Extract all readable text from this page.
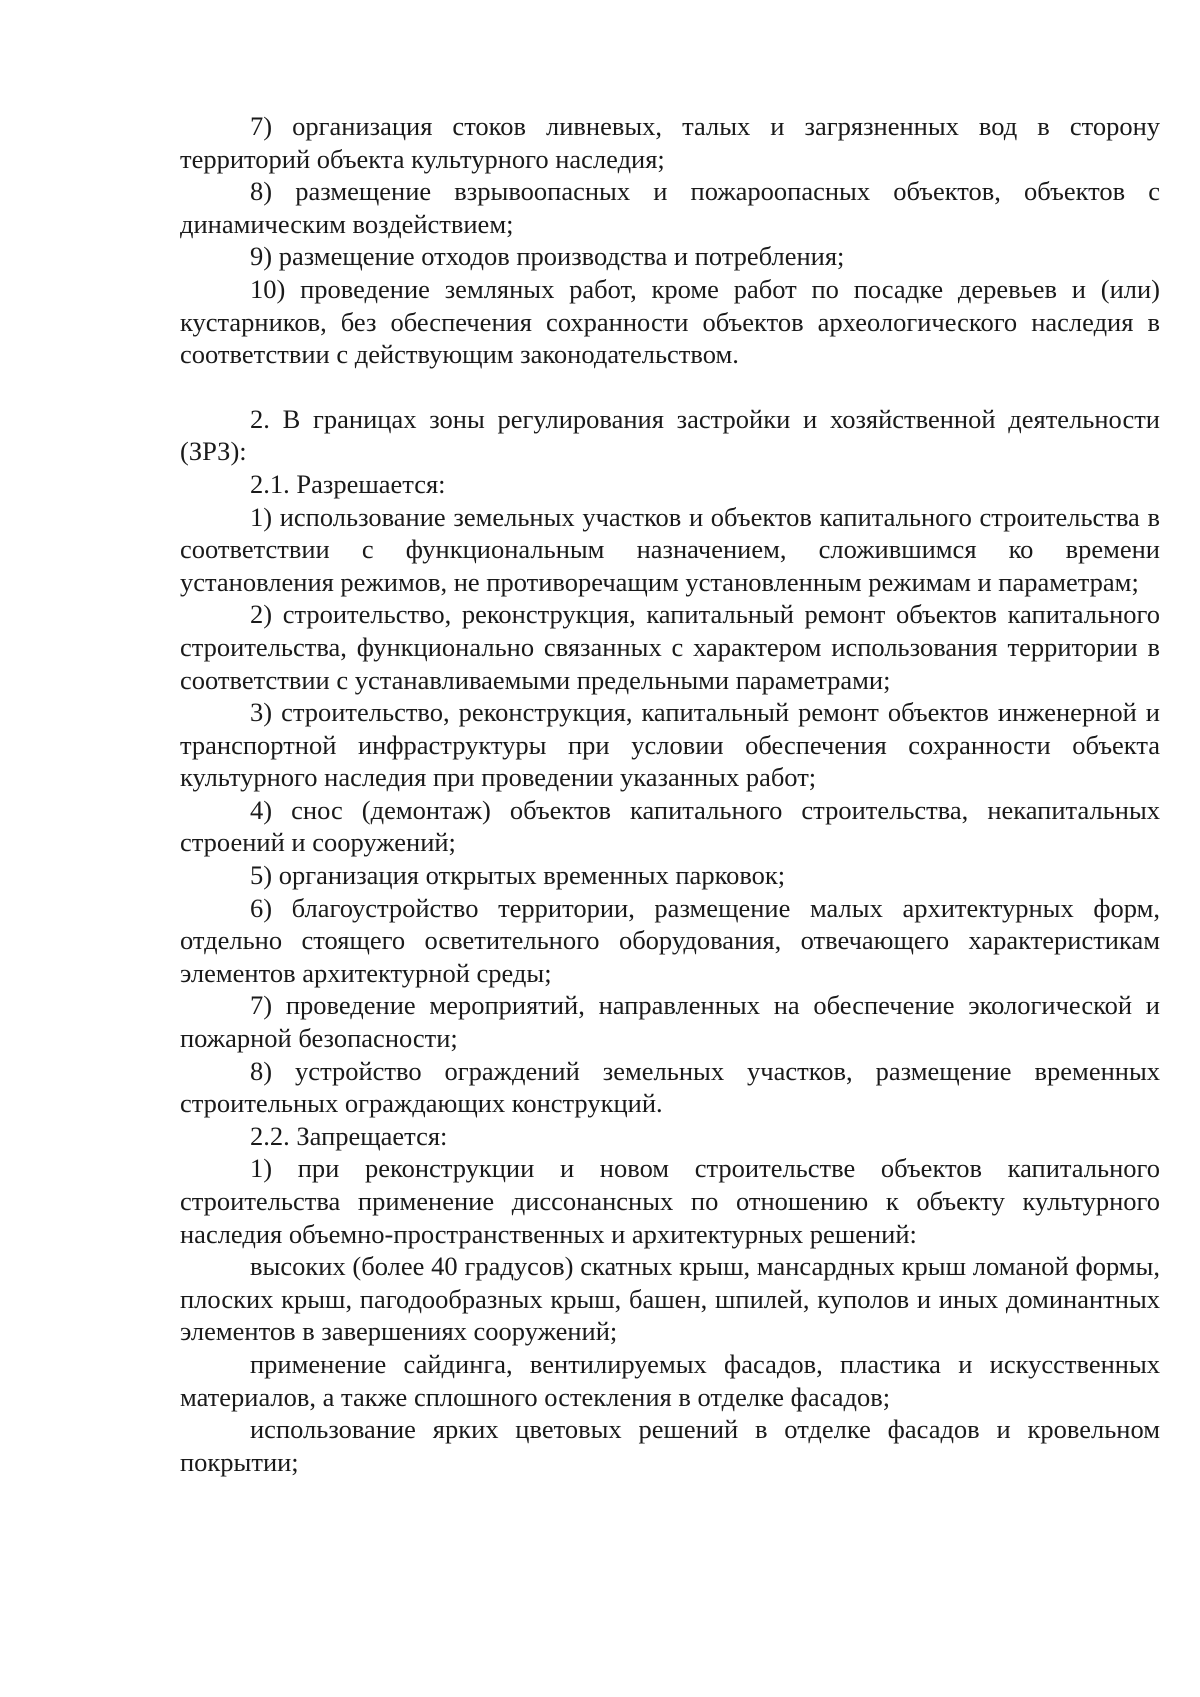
7) организация стоков ливневых, талых и загрязненных вод в сторону территорий объекта культурного наследия;

8) размещение взрывоопасных и пожароопасных объектов, объектов с динамическим воздействием;

9) размещение отходов производства и потребления;

10) проведение земляных работ, кроме работ по посадке деревьев и (или) кустарников, без обеспечения сохранности объектов археологического наследия в соответствии с действующим законодательством.

2. В границах зоны регулирования застройки и хозяйственной деятельности (ЗРЗ):

2.1. Разрешается:

1) использование земельных участков и объектов капитального строительства в соответствии с функциональным назначением, сложившимся ко времени установления режимов, не противоречащим установленным режимам и параметрам;

2) строительство, реконструкция, капитальный ремонт объектов капитального строительства, функционально связанных с характером использования территории в соответствии с устанавливаемыми предельными параметрами;

3) строительство, реконструкция, капитальный ремонт объектов инженерной и транспортной инфраструктуры при условии обеспечения сохранности объекта культурного наследия при проведении указанных работ;

4) снос (демонтаж) объектов капитального строительства, некапитальных строений и сооружений;

5) организация открытых временных парковок;

6) благоустройство территории, размещение малых архитектурных форм, отдельно стоящего осветительного оборудования, отвечающего характеристикам элементов архитектурной среды;

7) проведение мероприятий, направленных на обеспечение экологической и пожарной безопасности;

8) устройство ограждений земельных участков, размещение временных строительных ограждающих конструкций.

2.2. Запрещается:

1) при реконструкции и новом строительстве объектов капитального строительства применение диссонансных по отношению к объекту культурного наследия объемно-пространственных и архитектурных решений:

высоких (более 40 градусов) скатных крыш, мансардных крыш ломаной формы, плоских крыш, пагодообразных крыш, башен, шпилей, куполов и иных доминантных элементов в завершениях сооружений;

применение сайдинга, вентилируемых фасадов, пластика и искусственных материалов, а также сплошного остекления в отделке фасадов;

использование ярких цветовых решений в отделке фасадов и кровельном покрытии;
